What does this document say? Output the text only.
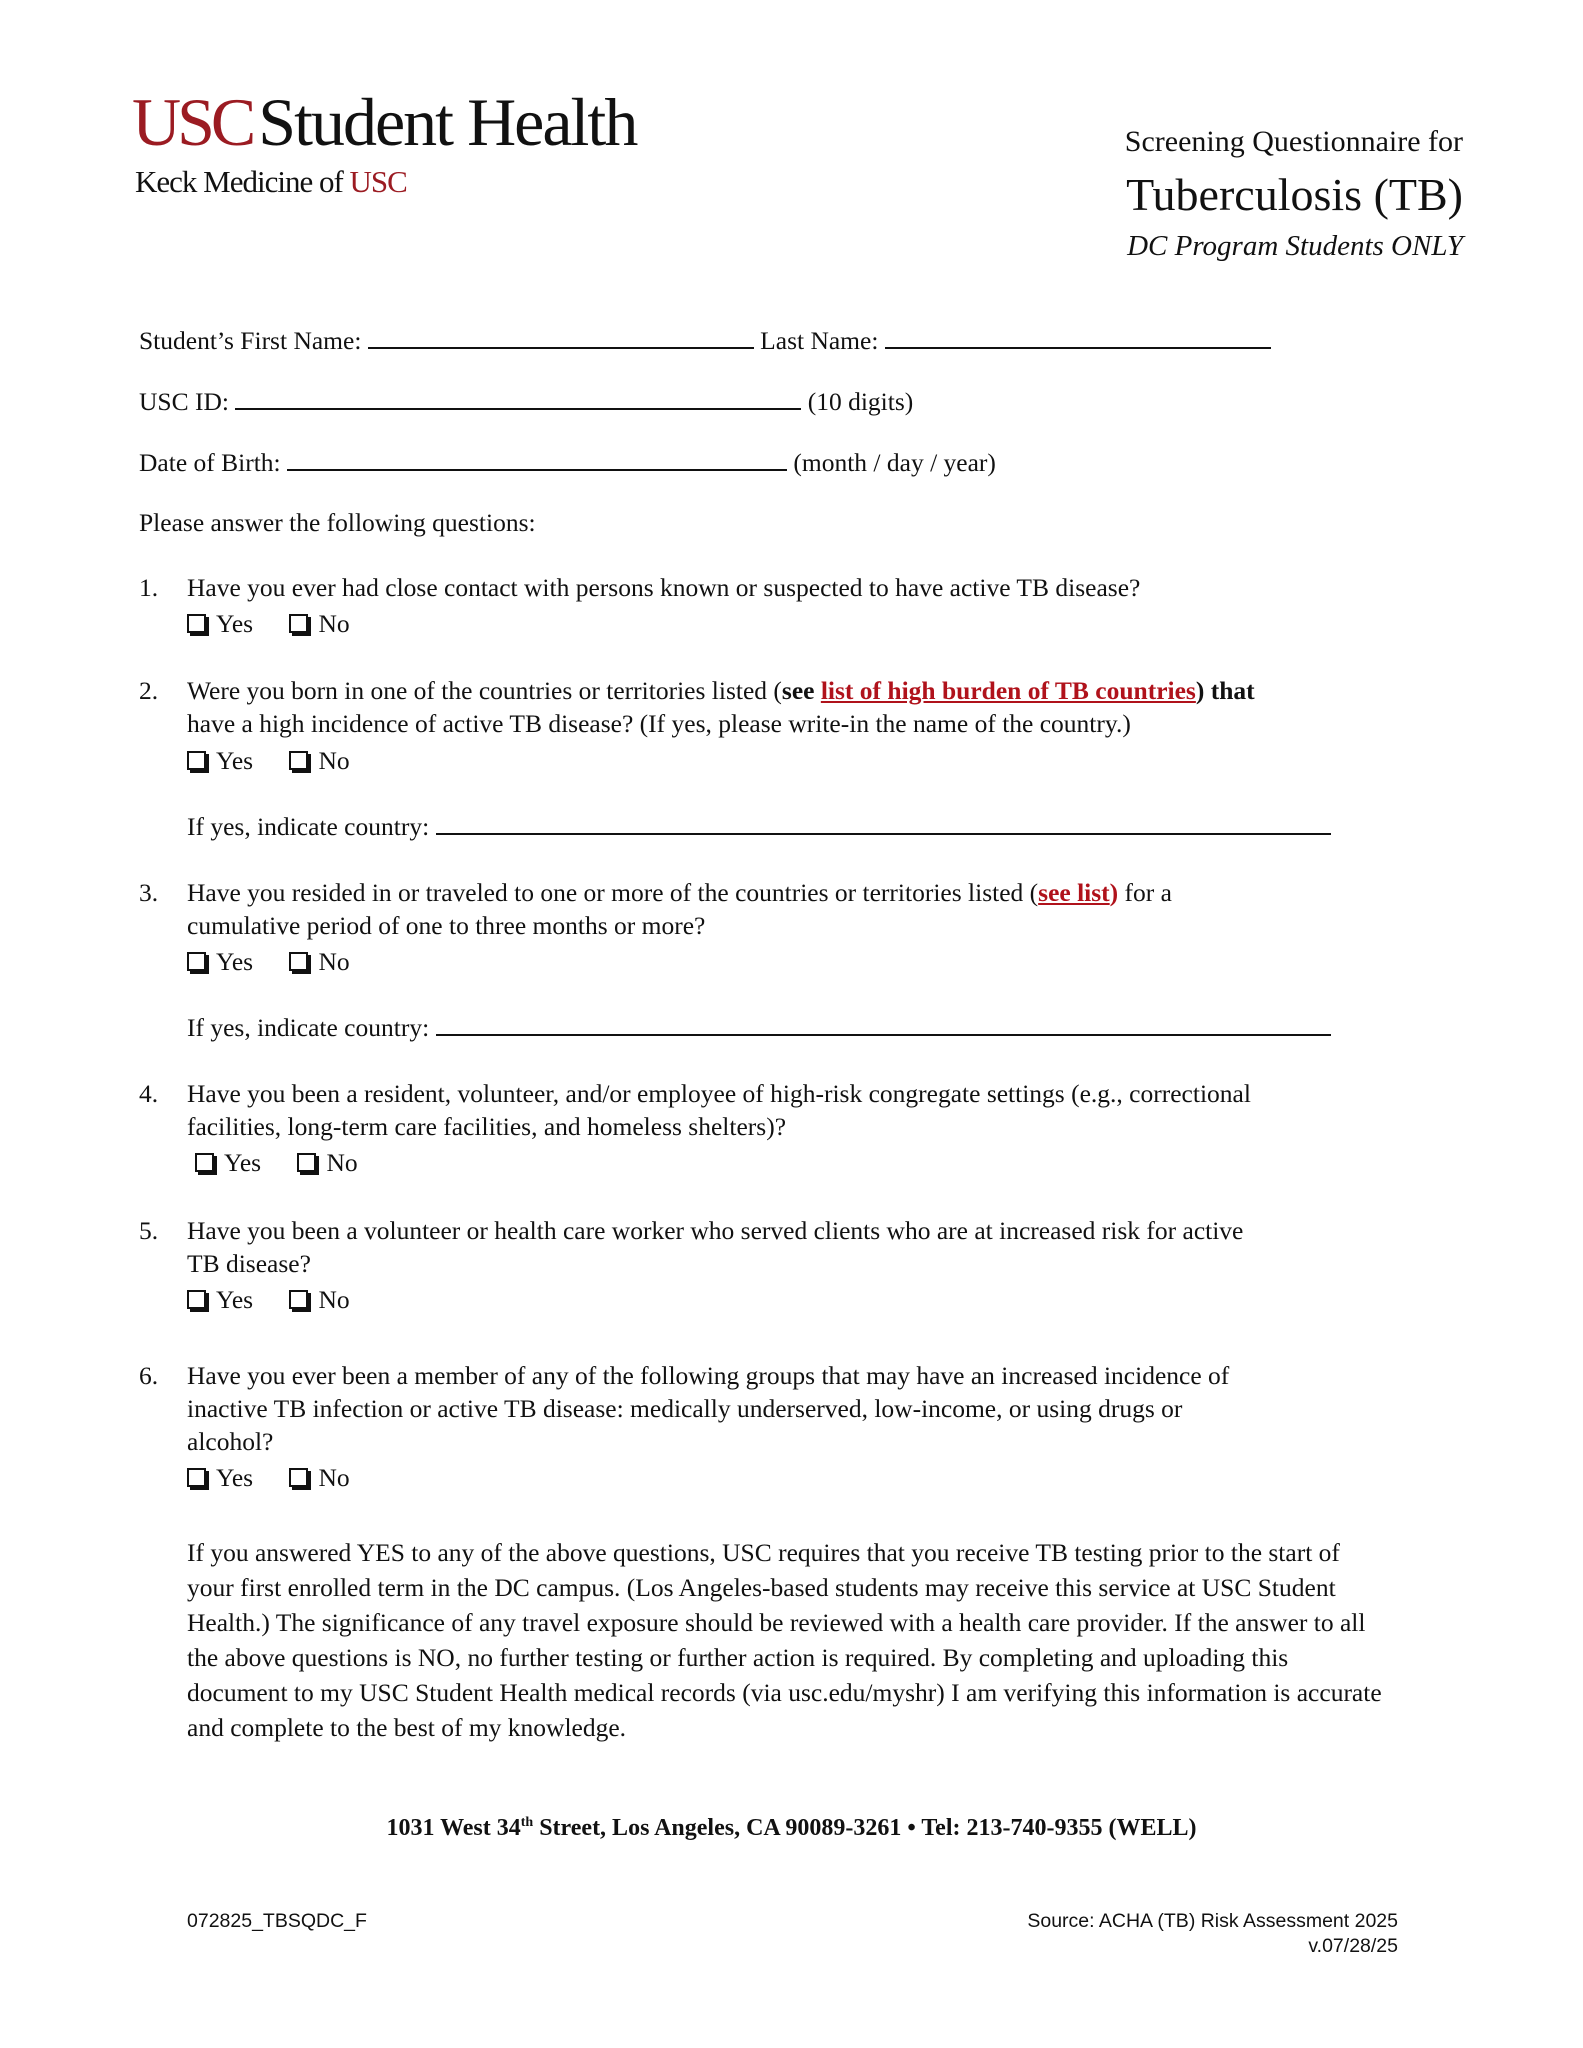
USCStudent Health
Keck Medicine of USC
Screening Questionnaire for
Tuberculosis (TB)
DC Program Students ONLY
Student’s First Name:	Last Name:
USC ID:	(10 digits)
Date of Birth:	(month / day / year)
Please answer the following questions:
1. Have you ever had close contact with persons known or suspected to have active TB disease?
Yes	No
2. Were you born in one of the countries or territories listed (see list of high burden of TB countries) that
have a high incidence of active TB disease? (If yes, please write-in the name of the country.)
Yes	No
If yes, indicate country:
3. Have you resided in or traveled to one or more of the countries or territories listed (see list) for a
cumulative period of one to three months or more?
Yes	No
If yes, indicate country:
4. Have you been a resident, volunteer, and/or employee of high-risk congregate settings (e.g., correctional
facilities, long-term care facilities, and homeless shelters)?
Yes	No
5. Have you been a volunteer or health care worker who served clients who are at increased risk for active
TB disease?
Yes	No
6. Have you ever been a member of any of the following groups that may have an increased incidence of
inactive TB infection or active TB disease: medically underserved, low-income, or using drugs or
alcohol?
Yes	No
If you answered YES to any of the above questions, USC requires that you receive TB testing prior to the start of your first enrolled term in the DC campus. (Los Angeles-based students may receive this service at USC Student Health.) The significance of any travel exposure should be reviewed with a health care provider. If the answer to all the above questions is NO, no further testing or further action is required. By completing and uploading this document to my USC Student Health medical records (via usc.edu/myshr) I am verifying this information is accurate and complete to the best of my knowledge.
1031 West 34th Street, Los Angeles, CA 90089-3261 • Tel: 213-740-9355 (WELL)
072825_TBSQDC_F	Source: ACHA (TB) Risk Assessment 2025
v.07/28/25
